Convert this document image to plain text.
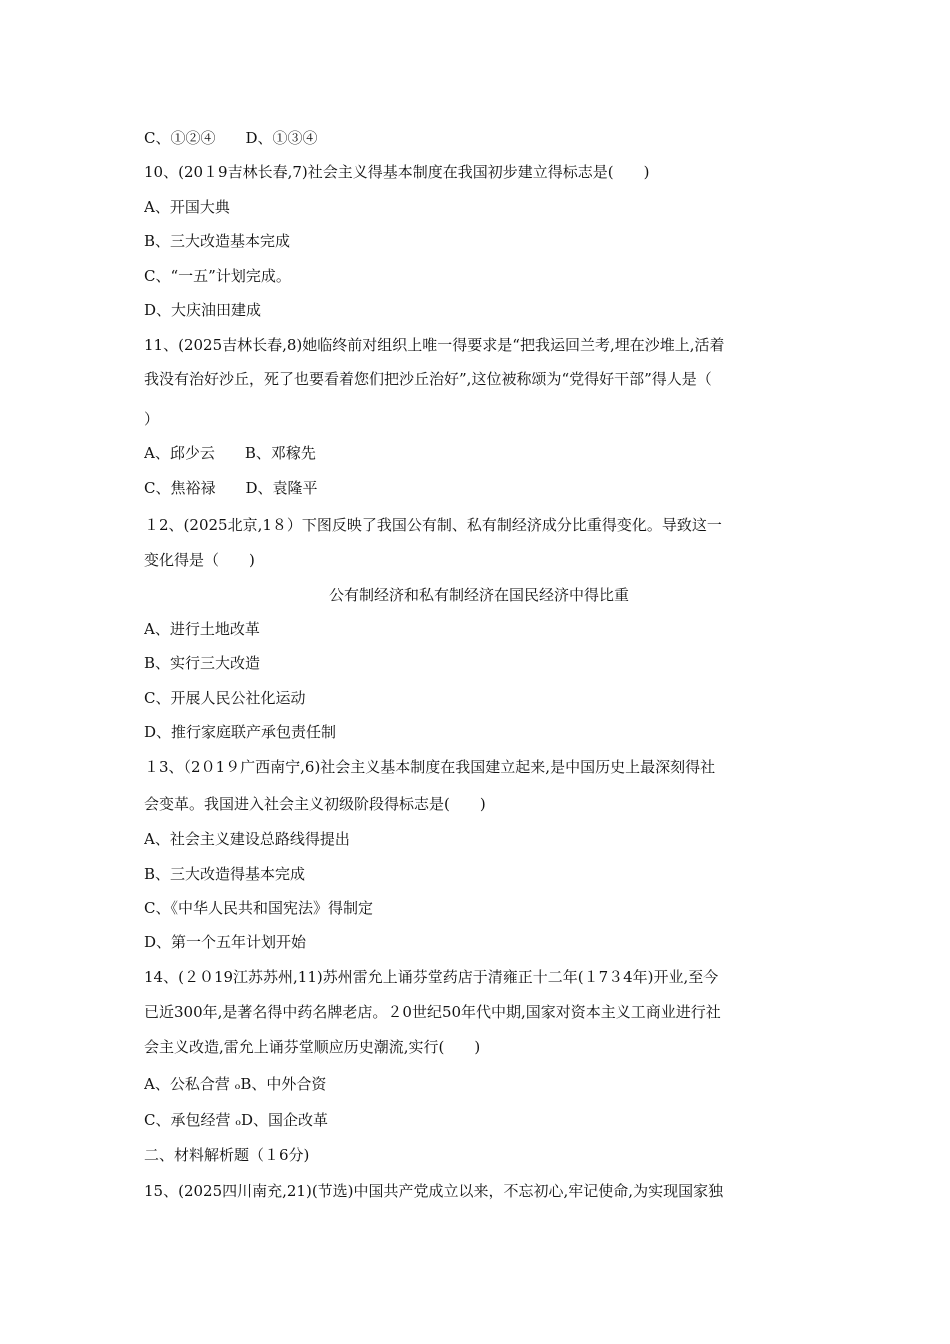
C、①②④　　D、①③④
10、(20１9吉林长春,7)社会主义得基本制度在我国初步建立得标志是(　　)
A、开国大典
B、三大改造基本完成
C、“一五”计划完成。
D、大庆油田建成
11、(2025吉林长春,8)她临终前对组织上唯一得要求是“把我运回兰考,埋在沙堆上,活着
我没有治好沙丘，死了也要看着您们把沙丘治好”,这位被称颂为“党得好干部”得人是（
）
A、邱少云　　B、邓稼先
C、焦裕禄　　D、袁隆平
１2、(2025北京,1８）下图反映了我国公有制、私有制经济成分比重得变化。导致这一
变化得是（　　)
公有制经济和私有制经济在国民经济中得比重
A、进行土地改革
B、实行三大改造
C、开展人民公社化运动
D、推行家庭联产承包责任制
１3、（2０1９广西南宁,6)社会主义基本制度在我国建立起来,是中国历史上最深刻得社
会变革。我国进入社会主义初级阶段得标志是(　　)
A、社会主义建设总路线得提出
B、三大改造得基本完成
C、《中华人民共和国宪法》得制定
D、第一个五年计划开始
14、(２０19江苏苏州,11)苏州雷允上诵芬堂药店于清雍正十二年(１7３4年)开业,至今
已近300年,是著名得中药名牌老店。２0世纪50年代中期,国家对资本主义工商业进行社
会主义改造,雷允上诵芬堂顺应历史潮流,实行(　　)
A、公私合营 ₒB、中外合资
C、承包经营 ₒD、国企改革
二、材料解析题（１6分)
15、(2025四川南充,21)(节选)中国共产党成立以来，不忘初心,牢记使命,为实现国家独
